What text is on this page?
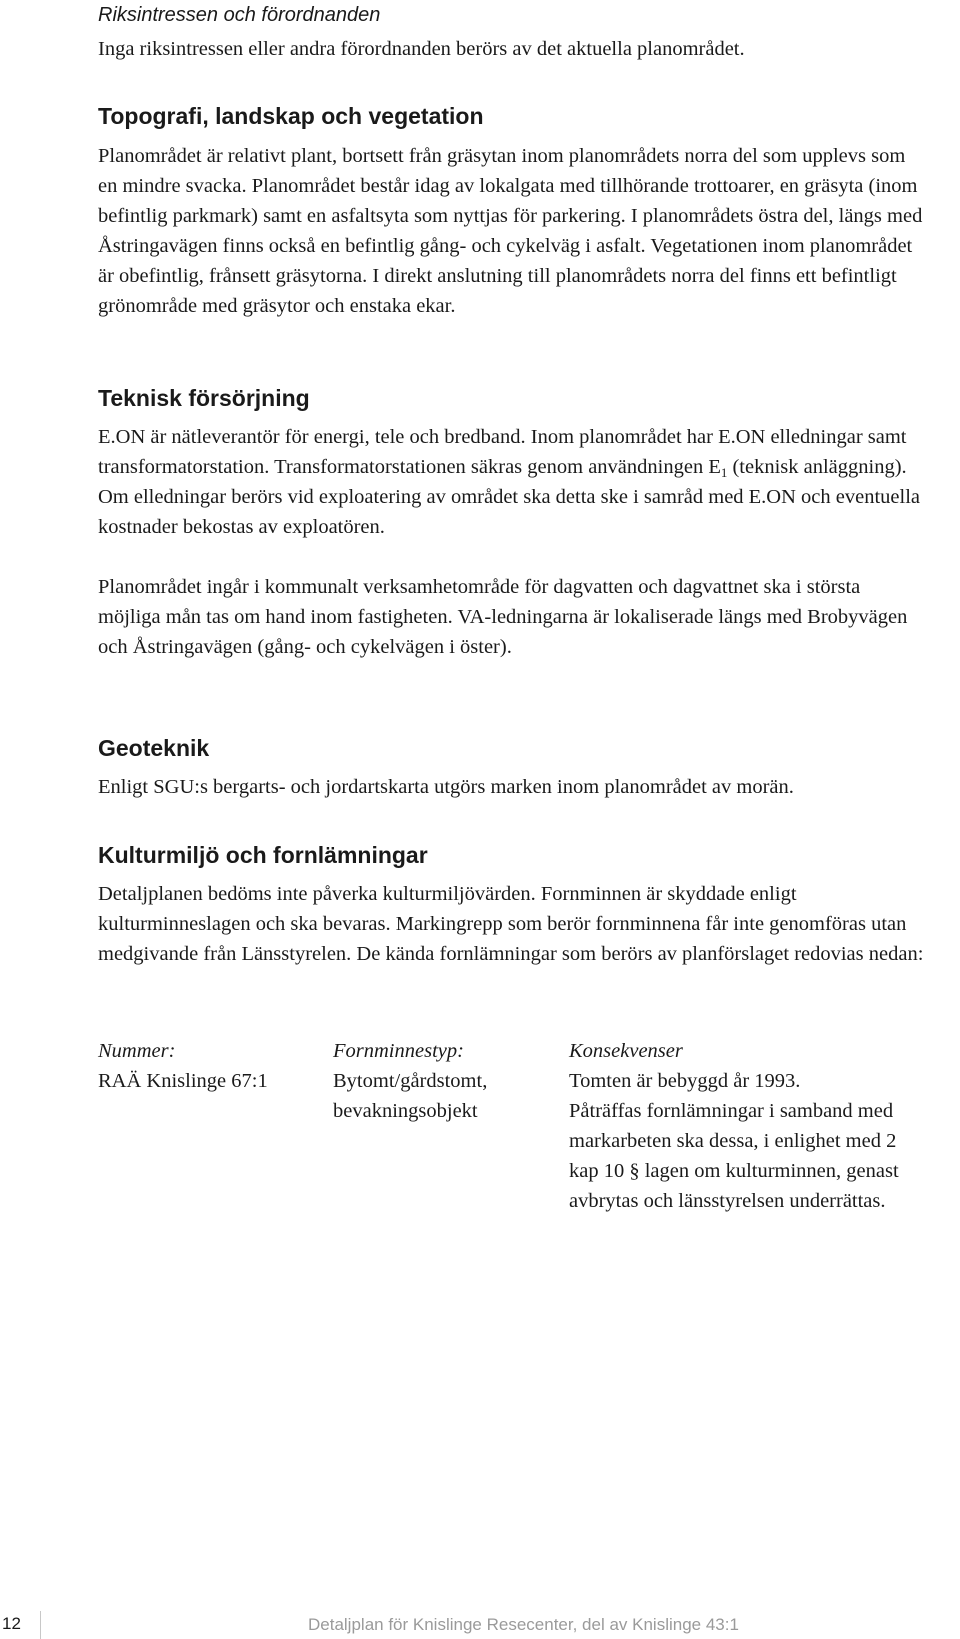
Riksintressen och förordnanden

Inga riksintressen eller andra förordnanden berörs av det aktuella planområdet.

Topografi, landskap och vegetation

Planområdet är relativt plant, bortsett från gräsytan inom planområdets norra del som upplevs som en mindre svacka. Planområdet består idag av lokalgata med tillhörande trottoarer, en gräsyta (inom befintlig parkmark) samt en asfaltsyta som nyttjas för parkering. I planområdets östra del, längs med Åstringavägen finns också en befintlig gång- och cykelväg i asfalt. Vegetationen inom planområdet är obefintlig, frånsett gräsytorna. I direkt anslutning till planområdets norra del finns ett befintligt grönområde med gräsytor och enstaka ekar.

Teknisk försörjning

E.ON är nätleverantör för energi, tele och bredband. Inom planområdet har E.ON elledningar samt transformatorstation. Transformatorstationen säkras genom användningen $E_1$ (teknisk anläggning). Om elledningar berörs vid exploatering av området ska detta ske i samråd med E.ON och eventuella kostnader bekostas av exploatören.

Planområdet ingår i kommunalt verksamhetområde för dagvatten och dagvattnet ska i största möjliga mån tas om hand inom fastigheten. VA-ledningarna är lokaliserade längs med Brobyvägen och Åstringavägen (gång- och cykelvägen i öster).

Geoteknik

Enligt SGU:s bergarts- och jordartskarta utgörs marken inom planområdet av morän.

Kulturmiljö och fornlämningar

Detaljplanen bedöms inte påverka kulturmiljövärden. Fornminnen är skyddade enligt kulturminneslagen och ska bevaras. Markingrepp som berör fornminnena får inte genomföras utan medgivande från Länsstyrelen. De kända fornlämningar som berörs av planförslaget redovias nedan:

Nummer:

RAÄ Knislinge 67:1

Fornminnestyp:

Bytomt/gårdstomt,

bevakningsobjekt

Konsekvenser

Tomten är bebyggd år 1993.

Påträffas fornlämningar i samband med

markarbeten ska dessa, i enlighet med 2

kap 10 § lagen om kulturminnen, genast

avbrytas och länsstyrelsen underrättas.

12	Detaljplan för Knislinge Resecenter, del av Knislinge 43:1
